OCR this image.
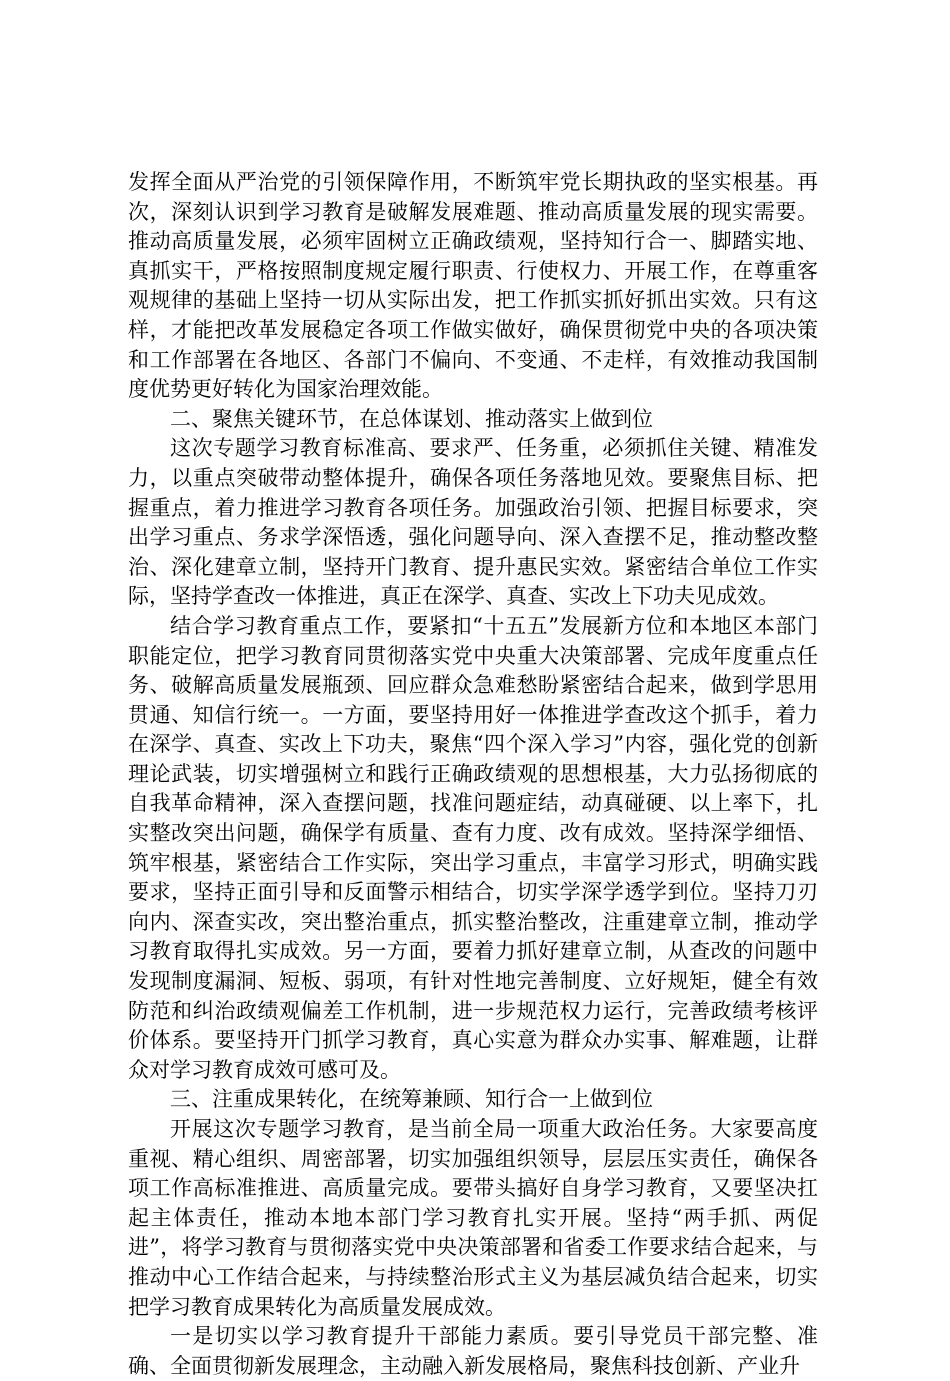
发挥全面从严治党的引领保障作用，不断筑牢党长期执政的坚实根基。再次，深刻认识到学习教育是破解发展难题、推动高质量发展的现实需要。推动高质量发展，必须牢固树立正确政绩观，坚持知行合一、脚踏实地、真抓实干，严格按照制度规定履行职责、行使权力、开展工作，在尊重客观规律的基础上坚持一切从实际出发，把工作抓实抓好抓出实效。只有这样，才能把改革发展稳定各项工作做实做好，确保贯彻党中央的各项决策和工作部署在各地区、各部门不偏向、不变通、不走样，有效推动我国制度优势更好转化为国家治理效能。

二、聚焦关键环节，在总体谋划、推动落实上做到位

这次专题学习教育标准高、要求严、任务重，必须抓住关键、精准发力，以重点突破带动整体提升，确保各项任务落地见效。要聚焦目标、把握重点，着力推进学习教育各项任务。加强政治引领、把握目标要求，突出学习重点、务求学深悟透，强化问题导向、深入查摆不足，推动整改整治、深化建章立制，坚持开门教育、提升惠民实效。紧密结合单位工作实际，坚持学查改一体推进，真正在深学、真查、实改上下功夫见成效。

结合学习教育重点工作，要紧扣“十五五”发展新方位和本地区本部门职能定位，把学习教育同贯彻落实党中央重大决策部署、完成年度重点任务、破解高质量发展瓶颈、回应群众急难愁盼紧密结合起来，做到学思用贯通、知信行统一。一方面，要坚持用好一体推进学查改这个抓手，着力在深学、真查、实改上下功夫，聚焦“四个深入学习”内容，强化党的创新理论武装，切实增强树立和践行正确政绩观的思想根基，大力弘扬彻底的自我革命精神，深入查摆问题，找准问题症结，动真碰硬、以上率下，扎实整改突出问题，确保学有质量、查有力度、改有成效。坚持深学细悟、筑牢根基，紧密结合工作实际，突出学习重点，丰富学习形式，明确实践要求，坚持正面引导和反面警示相结合，切实学深学透学到位。坚持刀刃向内、深查实改，突出整治重点，抓实整治整改，注重建章立制，推动学习教育取得扎实成效。另一方面，要着力抓好建章立制，从查改的问题中发现制度漏洞、短板、弱项，有针对性地完善制度、立好规矩，健全有效防范和纠治政绩观偏差工作机制，进一步规范权力运行，完善政绩考核评价体系。要坚持开门抓学习教育，真心实意为群众办实事、解难题，让群众对学习教育成效可感可及。

三、注重成果转化，在统筹兼顾、知行合一上做到位

开展这次专题学习教育，是当前全局一项重大政治任务。大家要高度重视、精心组织、周密部署，切实加强组织领导，层层压实责任，确保各项工作高标准推进、高质量完成。要带头搞好自身学习教育，又要坚决扛起主体责任，推动本地本部门学习教育扎实开展。坚持“两手抓、两促进”，将学习教育与贯彻落实党中央决策部署和省委工作要求结合起来，与推动中心工作结合起来，与持续整治形式主义为基层减负结合起来，切实把学习教育成果转化为高质量发展成效。

一是切实以学习教育提升干部能力素质。要引导党员干部完整、准确、全面贯彻新发展理念，主动融入新发展格局，聚焦科技创新、产业升
